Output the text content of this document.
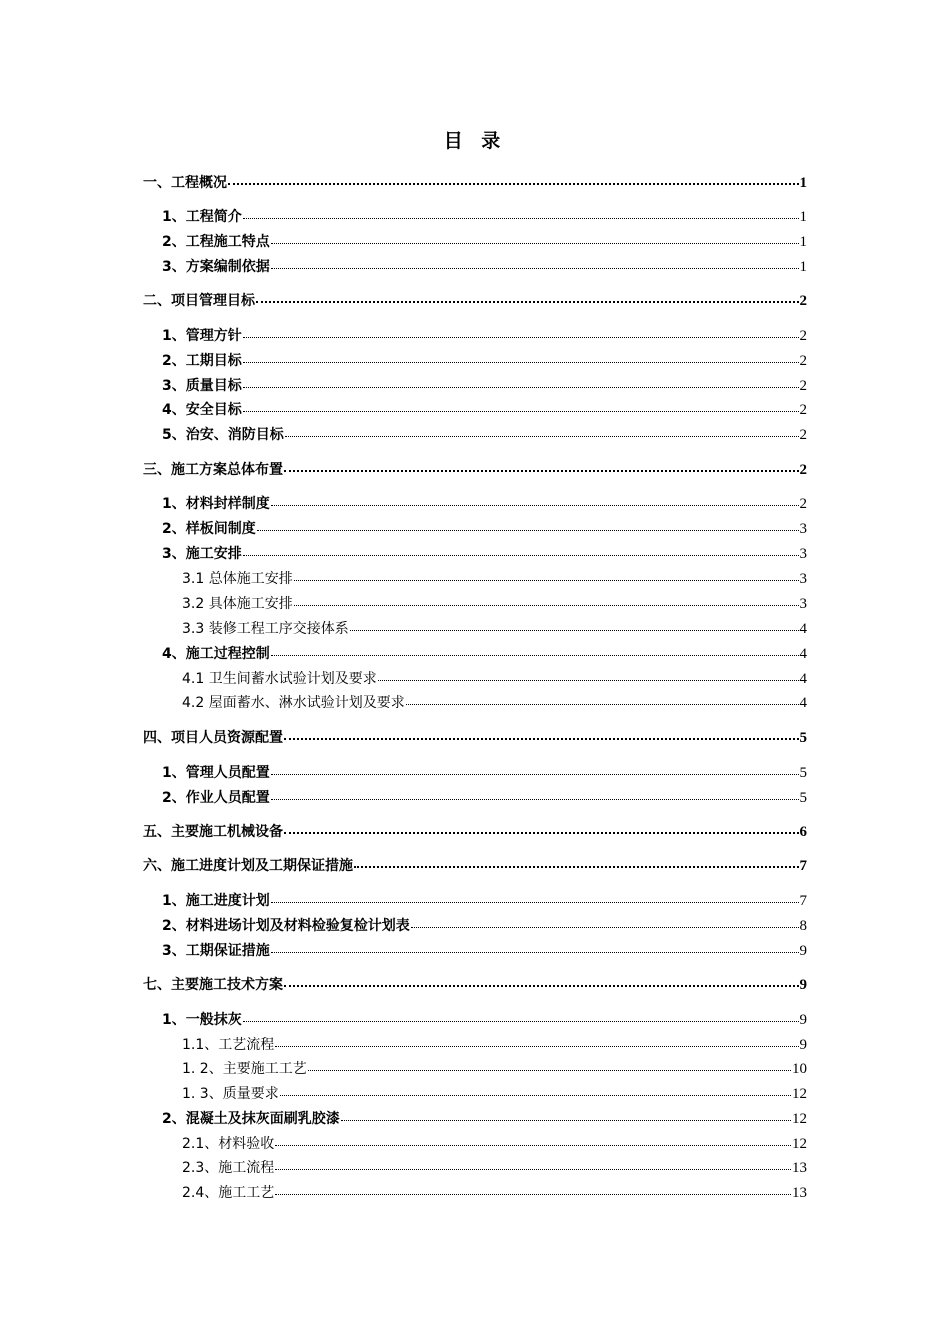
目 录
一、工程概况	1
1、工程简介	1
2、工程施工特点	1
3、方案编制依据	1
二、项目管理目标	2
1、管理方针	2
2、工期目标	2
3、质量目标	2
4、安全目标	2
5、治安、消防目标	2
三、施工方案总体布置	2
1、材料封样制度	2
2、样板间制度	3
3、施工安排	3
3.1 总体施工安排	3
3.2 具体施工安排	3
3.3 装修工程工序交接体系	4
4、施工过程控制	4
4.1 卫生间蓄水试验计划及要求	4
4.2 屋面蓄水、淋水试验计划及要求	4
四、项目人员资源配置	5
1、管理人员配置	5
2、作业人员配置	5
五、主要施工机械设备	6
六、施工进度计划及工期保证措施	7
1、施工进度计划	7
2、材料进场计划及材料检验复检计划表	8
3、工期保证措施	9
七、主要施工技术方案	9
1、一般抹灰	9
1.1、工艺流程	9
1. 2、主要施工工艺	10
1. 3、质量要求	12
2、混凝土及抹灰面刷乳胶漆	12
2.1、材料验收	12
2.3、施工流程	13
2.4、施工工艺	13
